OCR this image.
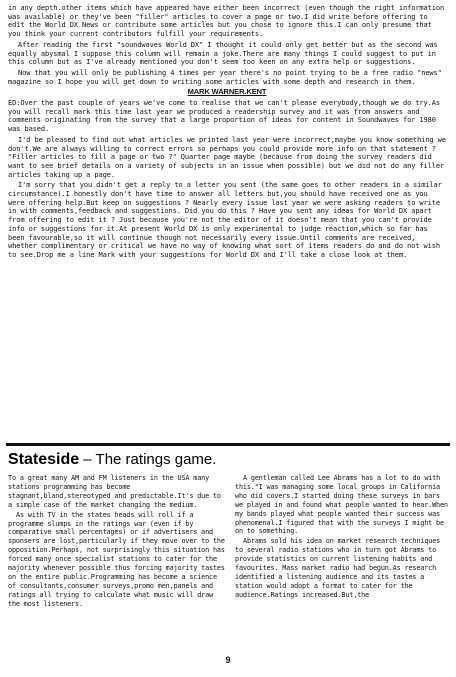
in any depth.other items which have appeared have either been incorrect (even though the right information was available) or they've been "filler" articles to cover a page or two.I did write before offering to edit the World DX News or contribute some articles but you chose to ignore this.I can only presume that you think your current contributors fulfill your requirements.

After reading the first "soundwaves World DX" I thought it could only get better but as the second was equally abysmal I suppose this column will remain a joke.There are many things I could suggest to put in this column but as I've already mentioned you don't seem too keen on any extra help or suggestions.

Now that you will only be publishing 4 times per year there's no point trying to be a free radio "news" magazine so I hope you will get down to writing some articles with some depth and research in them.

MARK WARNER.KENT

ED:Over the past couple of years we've come to realise that we can't please everybody,though we do try.As you will recall mark this time last year we produced a readership survey and it was from answers and comments originating from the survey that a large proportion of ideas for content in Soundwaves for 1980 was based.

I'd be pleased to find out what articles we printed last year were incorrect,maybe you know something we don't.We are always willing to correct errors so perhaps you could provide more info on that statement ? "Filler articles to fill a page or two ?" Quarter page maybe (because from doing the survey readers did want to see brief details on a variety of subjects in an issue when possible) but we did not do any filler articles taking up a page.

I'm sorry that you didn't get a reply to a letter you sent (the same goes to other readers in a similar circumstance).I honestly don't have time to answer all letters but,you should have received one as you were offering help.But keep on suggestions ? Nearly every issue last year we were asking readers to write in with comments,feedback and suggestions. Did you do this ? Have you sent any ideas for World DX apart from offering to edit it ? Just because you're not the editor of it doesn't mean that you can't provide info or suggestions for it.At present World DX is only experimental to judge reaction,which so far has been favourable,so it will continue though not necessarily every issue.Until comments are received, whether complimentary or critical we have no way of knowing what sort of items readers do and do not wish to see.Drop me a line Mark with your suggestions for World DX and I'll take a close look at them.

Stateside – The ratings game.

To a great many AM and FM listeners in the USA many stations programming has become stagnant,bland,stereotyped and predictable.It's due to a simple case of the market changing the medium.

As with TV in the states heads will roll if a programme slumps in the ratings war (even if by comparative small percentages) or if advertisers and sponsers are lost,particularly if they move over to the opposition.Perhaps, not surprisingly this situation has forced many once specialist stations to cater for the majority whenever possible thus forcing majority tastes on the entire public.Programming has become a science of consultants,consumer surveys,promo men,panels and ratings all trying to calculate what music will draw the most listeners.

A gentleman called Lee Abrams has a lot to do with this."I was managing some local groups in California who did covers.I started doing these surveys in bars we played in and found what people wanted to hear.When my bands played what people wanted their success was phenomenal.I figured that with the surveys I might be on to something.

Abrams sold his idea on market research techniques to several radio stations who in turn got Abrams to provide statistics on current listening habits and favourites. Mass market radio had begun.As research identified a listening audience and its tastes a station would adopt a format to cater for the audience.Ratings increased.But,the

9
